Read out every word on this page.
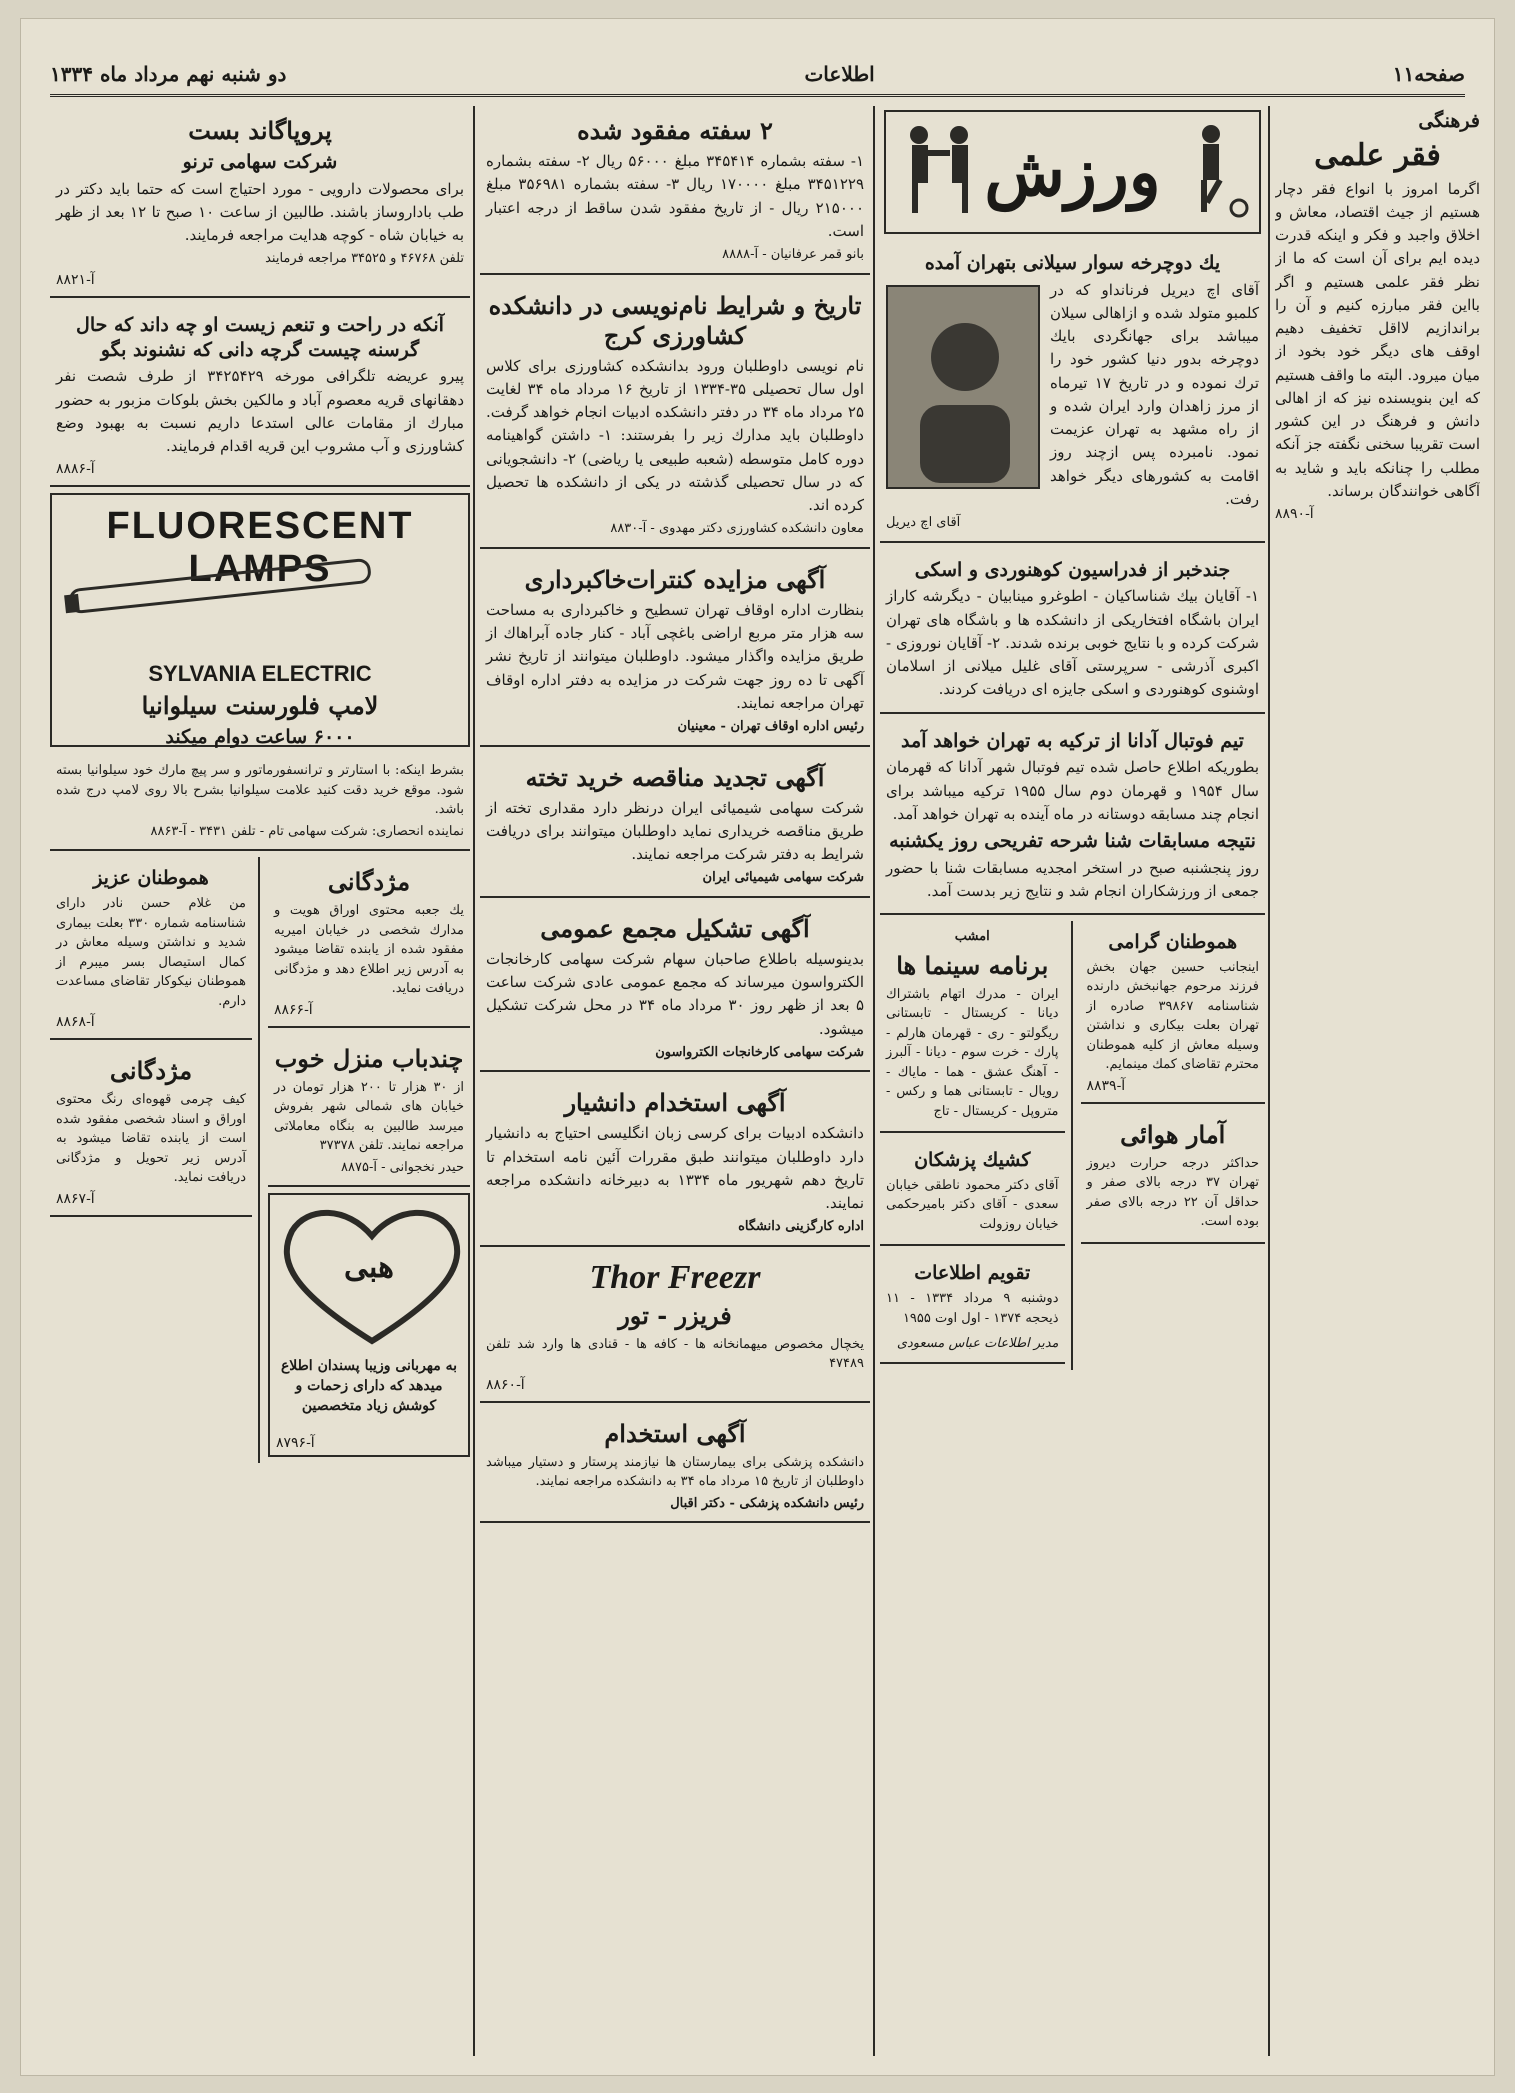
صفحه۱۱
اطلاعات
دو شنبه نهم مرداد ماه ۱۳۳۴
فرهنگی
فقر علمی
اگرما امروز با انواع فقر دچار هستیم از جیث اقتصاد، معاش و اخلاق واجبد و فکر و اینکه قدرت دیده ایم برای آن است که ما از نظر فقر علمی هستیم و اگر بااین فقر مبارزه کنیم و آن را براندازیم لااقل تخفیف دهیم اوقف های دیگر خود بخود از میان میرود. البته ما واقف هستیم که این بنویسنده نیز که از اهالی دانش و فرهنگ در این کشور است تقریبا سخنی نگفته جز آنکه مطلب را چنانکه باید و شاید به آگاهی خوانندگان برساند.
آ-۸۸۹۰
ورزش
یك دوچرخه سوار سیلانی بتهران آمده
آقای اچ دیریل فرنانداو که در کلمبو متولد شده و ازاهالی سیلان میباشد برای جهانگردی بایك دوچرخه بدور دنیا کشور خود را ترك نموده و در تاریخ ۱۷ تیرماه از مرز زاهدان وارد ایران شده و از راه مشهد به تهران عزیمت نمود. نامبرده پس ازچند روز اقامت به کشورهای دیگر خواهد رفت.
آقای اچ دیریل
جندخبر از فدراسیون کوهنوردی و اسکی
۱- آقایان بیك شناساکیان - اطوغرو مینابیان - دیگرشه کاراز ایران باشگاه افتخاریکی از دانشکده ها و باشگاه های تهران شرکت کرده و با نتایج خوبی برنده شدند. ۲- آقایان نوروزی - اکبری آذرشی - سرپرستی آقای غلیل میلانی از اسلامان اوشنوی کوهنوردی و اسکی جایزه ای دریافت کردند.
تیم فوتبال آدانا از ترکیه به تهران خواهد آمد
بطوریکه اطلاع حاصل شده تیم فوتبال شهر آدانا که قهرمان سال ۱۹۵۴ و قهرمان دوم سال ۱۹۵۵ ترکیه میباشد برای انجام چند مسابقه دوستانه در ماه آینده به تهران خواهد آمد.
نتیجه مسابقات شنا شرحه تفریحی روز یکشنبه
روز پنجشنبه صبح در استخر امجدیه مسابقات شنا با حضور جمعی از ورزشکاران انجام شد و نتایج زیر بدست آمد.
هموطنان گرامی
اینجانب حسین جهان بخش فرزند مرحوم جهانبخش دارنده شناسنامه ۳۹۸۶۷ صادره از تهران بعلت بیکاری و نداشتن وسیله معاش از کلیه هموطنان محترم تقاضای کمك مینمایم.
آ-۸۸۳۹
آمار هوائی
حداکثر درجه حرارت دیروز تهران ۳۷ درجه بالای صفر و حداقل آن ۲۲ درجه بالای صفر بوده است.
امشب
برنامه سینما ها
ایران - مدرك اتهام باشتراك دیانا - کریستال - تابستانی ریگولتو - ری - قهرمان هارلم - پارك - خرت سوم - دیانا - آلبرز - آهنگ عشق - هما - مایاك - رویال - تابستانی هما و رکس - متروپل - کریستال - تاج
کشیك پزشکان
آقای دکتر محمود ناطقی خیابان سعدی - آقای دکتر بامیرحکمی خیابان روزولت
تقویم اطلاعات
دوشنبه ۹ مرداد ۱۳۳۴ - ۱۱ ذیحجه ۱۳۷۴ - اول اوت ۱۹۵۵
مدیر اطلاعات عباس مسعودی
۲ سفته مفقود شده
۱- سفته بشماره ۳۴۵۴۱۴ مبلغ ۵۶۰۰۰ ریال ۲- سفته بشماره ۳۴۵۱۲۲۹ مبلغ ۱۷۰۰۰۰ ریال ۳- سفته بشماره ۳۵۶۹۸۱ مبلغ ۲۱۵۰۰۰ ریال - از تاریخ مفقود شدن ساقط از درجه اعتبار است.
بانو قمر عرفانیان - آ-۸۸۸۸
تاریخ و شرایط نام‌نویسی در دانشکده کشاورزی کرج
نام نویسی داوطلبان ورود بدانشکده کشاورزی برای کلاس اول سال تحصیلی ۳۵-۱۳۳۴ از تاریخ ۱۶ مرداد ماه ۳۴ لغایت ۲۵ مرداد ماه ۳۴ در دفتر دانشکده ادبیات انجام خواهد گرفت. داوطلبان باید مدارك زیر را بفرستند: ۱- داشتن گواهینامه دوره کامل متوسطه (شعبه طبیعی یا ریاضی) ۲- دانشجویانی که در سال تحصیلی گذشته در یکی از دانشکده ها تحصیل کرده اند.
معاون دانشکده کشاورزی دکتر مهدوی - آ-۸۸۳۰
آگهی مزایده کنترات‌خاکبرداری
بنظارت اداره اوقاف تهران تسطیح و خاکبرداری به مساحت سه هزار متر مربع اراضی باغچی آباد - کنار جاده آبراهاك از طریق مزایده واگذار میشود. داوطلبان میتوانند از تاریخ نشر آگهی تا ده روز جهت شرکت در مزایده به دفتر اداره اوقاف تهران مراجعه نمایند.
رئیس اداره اوقاف تهران - معینیان
آگهی تجدید مناقصه خرید تخته
شرکت سهامی شیمیائی ایران درنظر دارد مقداری تخته از طریق مناقصه خریداری نماید داوطلبان میتوانند برای دریافت شرایط به دفتر شرکت مراجعه نمایند.
شرکت سهامی شیمیائی ایران
آگهی تشکیل مجمع عمومی
بدینوسیله باطلاع صاحبان سهام شرکت سهامی کارخانجات الکترواسون میرساند که مجمع عمومی عادی شرکت ساعت ۵ بعد از ظهر روز ۳۰ مرداد ماه ۳۴ در محل شرکت تشکیل میشود.
شرکت سهامی کارخانجات الکترواسون
آگهی استخدام دانشیار
دانشکده ادبیات برای کرسی زبان انگلیسی احتیاج به دانشیار دارد داوطلبان میتوانند طبق مقررات آئین نامه استخدام تا تاریخ دهم شهریور ماه ۱۳۳۴ به دبیرخانه دانشکده مراجعه نمایند.
اداره کارگزینی دانشگاه
Thor Freezr
فریزر - تور
یخچال مخصوص میهمانخانه ها - کافه ها - قنادی ها وارد شد تلفن ۴۷۴۸۹
آ-۸۸۶۰
آگهی استخدام
دانشکده پزشکی برای بیمارستان ها نیازمند پرستار و دستیار میباشد داوطلبان از تاریخ ۱۵ مرداد ماه ۳۴ به دانشکده مراجعه نمایند.
رئیس دانشکده پزشکی - دکتر اقبال
پروپاگاند بست
شرکت سهامی ترنو
برای محصولات دارویی - مورد احتیاج است که حتما باید دکتر در طب باداروساز باشند. طالبین از ساعت ۱۰ صبح تا ۱۲ بعد از ظهر به خیابان شاه - کوچه هدایت مراجعه فرمایند.
تلفن ۴۶۷۶۸ و ۳۴۵۲۵ مراجعه فرمایند
آ-۸۸۲۱
آنکه در راحت و تنعم زیست او چه داند که حال گرسنه چیست گرچه دانی که نشنوند بگو
پیرو عریضه تلگرافی مورخه ۳۴۲۵۴۲۹ از طرف شصت نفر دهقانهای قریه معصوم آباد و مالکین بخش بلوکات مزبور به حضور مبارك از مقامات عالی استدعا داریم نسبت به بهبود وضع کشاورزی و آب مشروب این قریه اقدام فرمایند.
آ-۸۸۸۶
FLUORESCENT LAMPS
SYLVANIA ELECTRIC
لامپ فلورسنت سیلوانیا
۶۰۰۰ ساعت دوام میکند
بشرط اینکه: با استارتر و ترانسفورماتور و سر پیچ مارك خود سیلوانیا بسته شود. موقع خرید دقت کنید علامت سیلوانیا بشرح بالا روی لامپ درج شده باشد.
نماینده انحصاری: شرکت سهامی تام - تلفن ۳۴۳۱ - آ-۸۸۶۳
مژدگانی
یك جعبه محتوی اوراق هویت و مدارك شخصی در خیابان امیریه مفقود شده از یابنده تقاضا میشود به آدرس زیر اطلاع دهد و مژدگانی دریافت نماید.
آ-۸۸۶۶
چندباب منزل خوب
از ۳۰ هزار تا ۲۰۰ هزار تومان در خیابان های شمالی شهر بفروش میرسد طالبین به بنگاه معاملاتی مراجعه نمایند. تلفن ۳۷۳۷۸
حیدر نخجوانی - آ-۸۸۷۵
هبی
به مهربانی وزیبا پسندان اطلاع میدهد که دارای زحمات و کوشش زیاد متخصصین
آ-۸۷۹۶
هموطنان عزیز
من غلام حسن نادر دارای شناسنامه شماره ۳۳۰ بعلت بیماری شدید و نداشتن وسیله معاش در کمال استیصال بسر میبرم از هموطنان نیکوکار تقاضای مساعدت دارم.
آ-۸۸۶۸
مژدگانی
کیف چرمی قهوه‌ای رنگ محتوی اوراق و اسناد شخصی مفقود شده است از یابنده تقاضا میشود به آدرس زیر تحویل و مژدگانی دریافت نماید.
آ-۸۸۶۷
